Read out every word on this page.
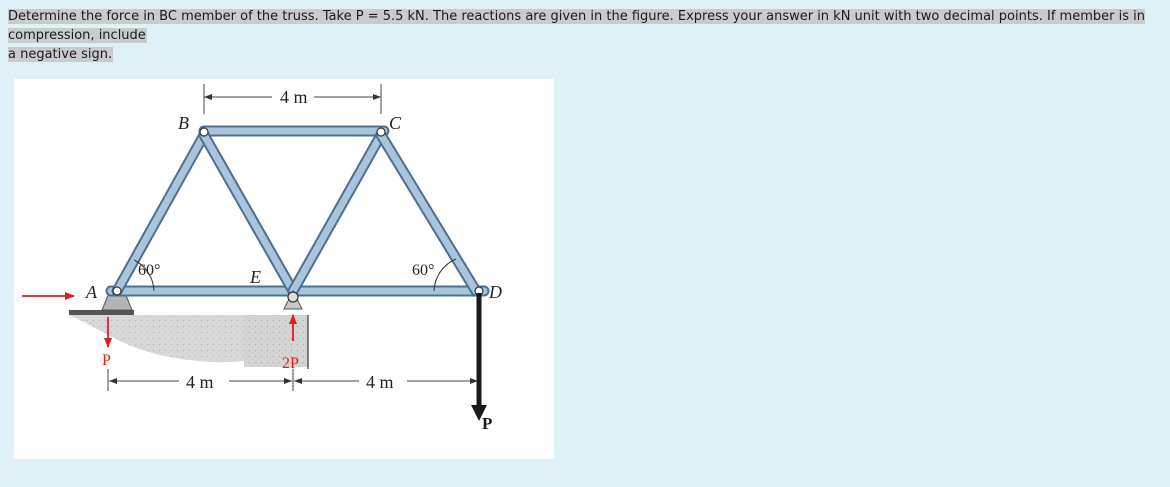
Determine the force in BC member of the truss. Take P = 5.5 kN. The reactions are given in the figure. Express your answer in kN unit with two decimal points. If member is in compression, include
a negative sign.
4 m
4 m	4 m
60°	60°
A
B	C
D
E
P
P	2P
